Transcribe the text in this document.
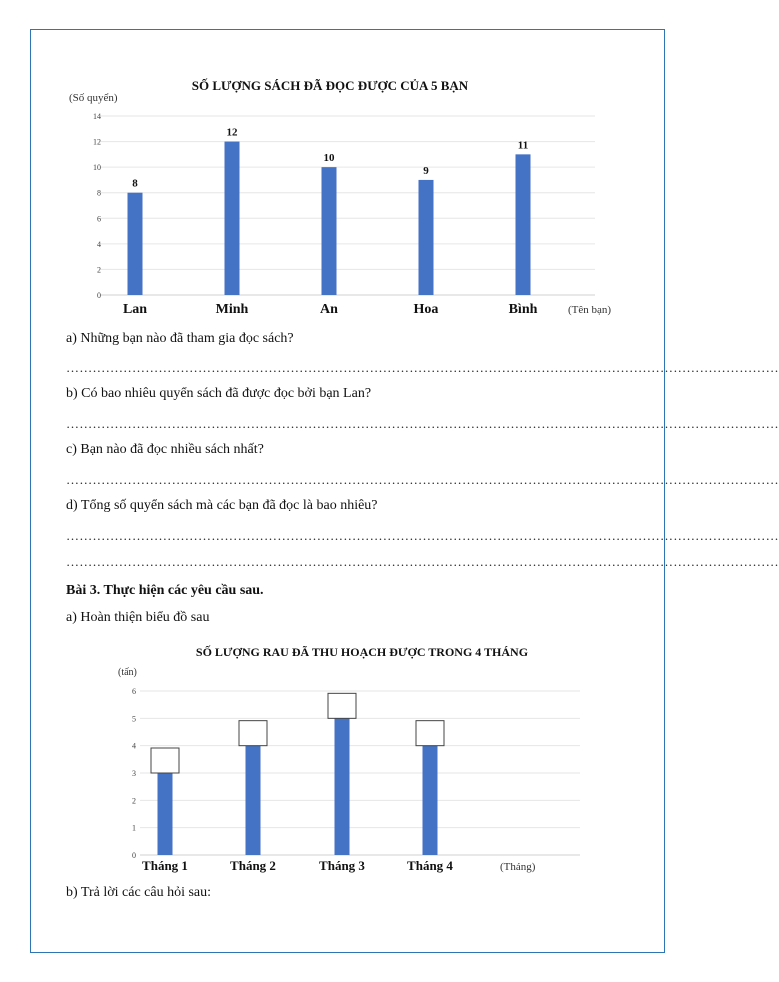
SỐ LƯỢNG SÁCH ĐÃ ĐỌC ĐƯỢC CỦA 5 BẠN
(Số quyển)
0
2
4
6
8
10
12
14
Lan
8
Minh
12
An
10
Hoa
9
Bình
11
(Tên bạn)
a) Những bạn nào đã tham gia đọc sách?
………………………………………………………………………………………………………………………………………………
b) Có bao nhiêu quyển sách đã được đọc bởi bạn Lan?
………………………………………………………………………………………………………………………………………………
c) Bạn nào đã đọc nhiều sách nhất?
………………………………………………………………………………………………………………………………………………
d) Tổng số quyển sách mà các bạn đã đọc là bao nhiêu?
………………………………………………………………………………………………………………………………………………
………………………………………………………………………………………………………………………………………………
Bài 3. Thực hiện các yêu cầu sau.
a) Hoàn thiện biểu đồ sau
b) Trả lời các câu hỏi sau:
SỐ LƯỢNG RAU ĐÃ THU HOẠCH ĐƯỢC TRONG 4 THÁNG
(tấn)
0
1
2
3
4
5
6
Tháng 1	Tháng 2	Tháng 3	Tháng 4	(Tháng)
